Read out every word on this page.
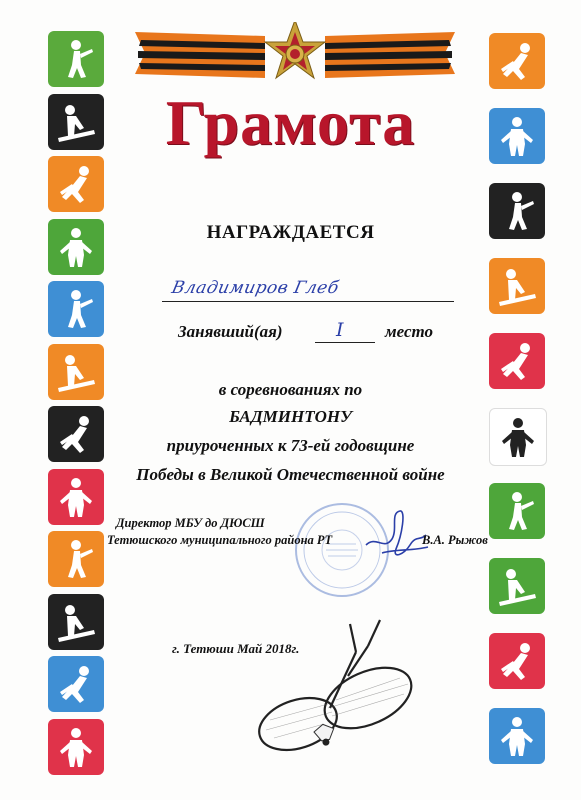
Грамота
НАГРАЖДАЕТСЯ
Владимиров Глеб
Занявший(ая)	I место
в соревнованиях по
БАДМИНТОНУ
приуроченных к 73-ей годовщине
Победы в Великой Отечественной войне
Директор МБУ до ДЮСШ
Тетюшского муниципального района РТ	В.А. Рыжов
г. Тетюши Май 2018г.
